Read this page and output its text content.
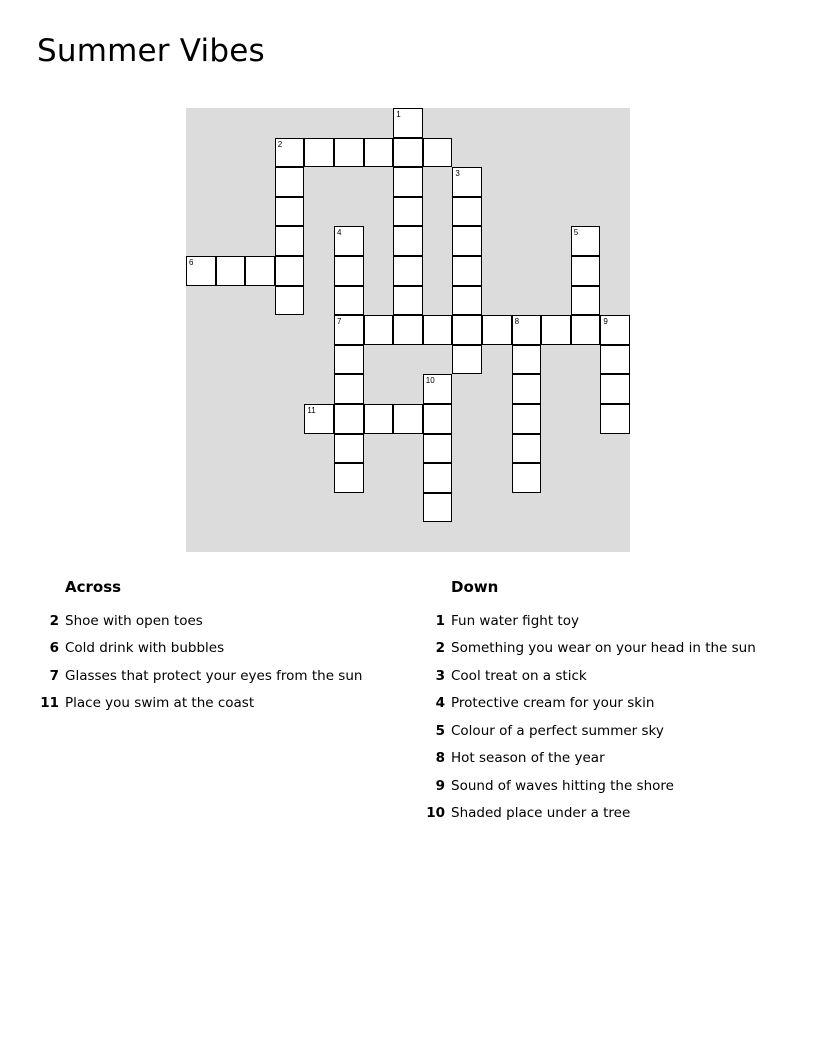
Summer Vibes
1
2
3
4	5
6
7	8	9
10
11
Across
2 Shoe with open toes
6 Cold drink with bubbles
7 Glasses that protect your eyes from the sun
11 Place you swim at the coast
Down
1 Fun water fight toy
2 Something you wear on your head in the sun
3 Cool treat on a stick
4 Protective cream for your skin
5 Colour of a perfect summer sky
8 Hot season of the year
9 Sound of waves hitting the shore
10 Shaded place under a tree
